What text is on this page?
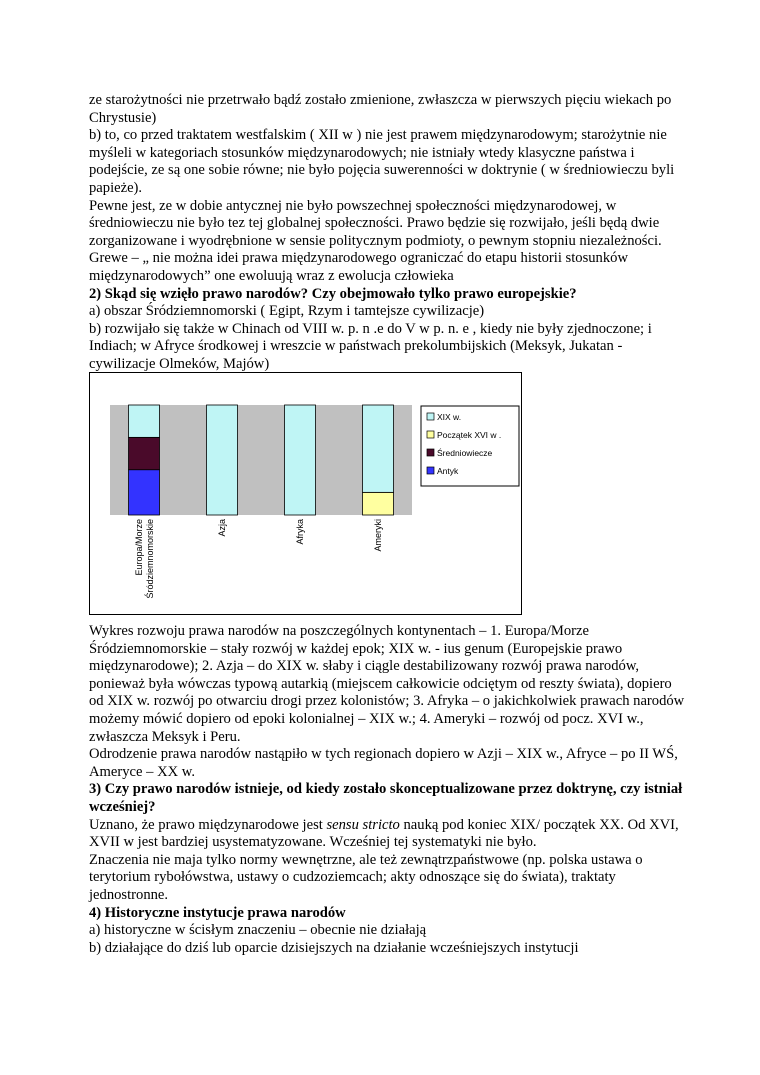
ze starożytności nie przetrwało bądź zostało zmienione, zwłaszcza w pierwszych pięciu wiekach po Chrystusie)

b) to, co przed traktatem westfalskim ( XII w ) nie jest prawem międzynarodowym; starożytnie nie myśleli w kategoriach stosunków międzynarodowych; nie istniały wtedy klasyczne państwa i podejście, ze są one sobie równe; nie było pojęcia suwerenności w doktrynie ( w średniowieczu byli papieże).

Pewne jest, ze w dobie antycznej nie było powszechnej społeczności międzynarodowej, w średniowieczu nie było tez tej globalnej społeczności. Prawo będzie się rozwijało, jeśli będą dwie zorganizowane i wyodrębnione w sensie politycznym podmioty, o pewnym stopniu niezależności. Grewe – „ nie można idei prawa międzynarodowego ograniczać do etapu historii stosunków międzynarodowych” one ewoluują wraz z ewolucja człowieka

2) Skąd się wzięło prawo narodów? Czy obejmowało tylko prawo europejskie?

a) obszar Śródziemnomorski ( Egipt, Rzym i tamtejsze cywilizacje)

b) rozwijało się także w Chinach od VIII w. p. n .e do V w p. n. e , kiedy nie były zjednoczone; i Indiach; w Afryce środkowej i wreszcie w państwach prekolumbijskich (Meksyk, Jukatan - cywilizacje Olmeków, Majów)

Europa/MorzeŚródziemnomorskie	Azja	Afryka	Ameryki
XIX w.
Początek XVI w .
Średniowiecze
Antyk

Wykres rozwoju prawa narodów na poszczególnych kontynentach – 1. Europa/Morze Śródziemnomorskie – stały rozwój w każdej epok; XIX w. - ius genum (Europejskie prawo międzynarodowe); 2. Azja – do XIX w. słaby i ciągle destabilizowany rozwój prawa narodów, ponieważ była wówczas typową autarkią (miejscem całkowicie odciętym od reszty świata), dopiero od XIX w. rozwój po otwarciu drogi przez kolonistów; 3. Afryka – o jakichkolwiek prawach narodów możemy mówić dopiero od epoki kolonialnej – XIX w.; 4. Ameryki – rozwój od pocz. XVI w., zwłaszcza Meksyk i Peru.

Odrodzenie prawa narodów nastąpiło w tych regionach dopiero w Azji – XIX w., Afryce – po II WŚ, Ameryce – XX w.

3) Czy prawo narodów istnieje, od kiedy zostało skonceptualizowane przez doktrynę, czy istniał wcześniej?

Uznano, że prawo międzynarodowe jest sensu stricto nauką pod koniec XIX/ początek XX. Od XVI, XVII w jest bardziej usystematyzowane. Wcześniej tej systematyki nie było.

Znaczenia nie maja tylko normy wewnętrzne, ale też zewnątrzpaństwowe (np. polska ustawa o terytorium rybołówstwa, ustawy o cudzoziemcach; akty odnoszące się do świata), traktaty jednostronne.

4) Historyczne instytucje prawa narodów

a) historyczne w ścisłym znaczeniu – obecnie nie działają

b) działające do dziś lub oparcie dzisiejszych na działanie wcześniejszych instytucji
